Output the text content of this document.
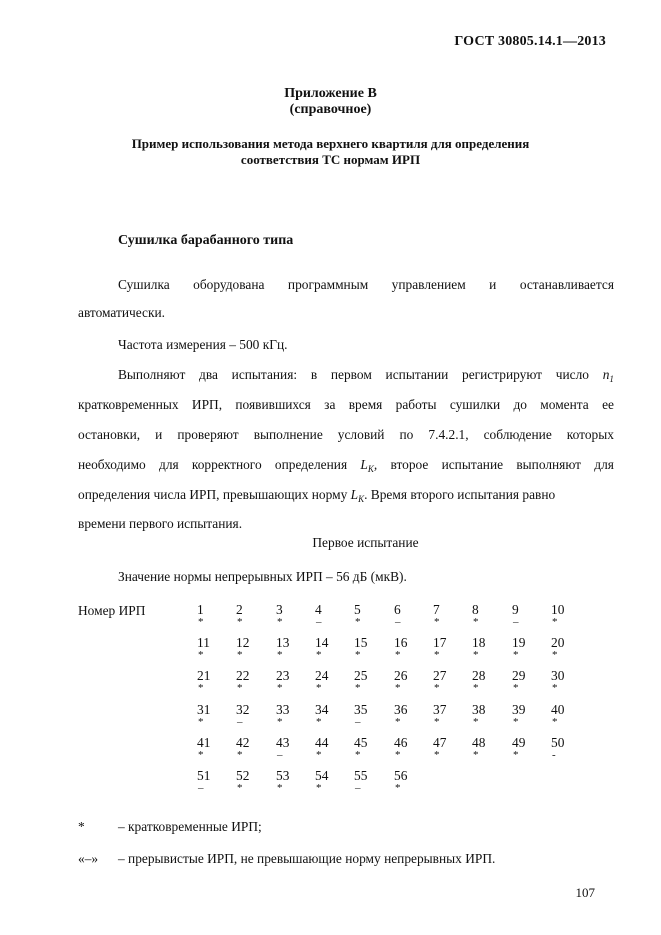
ГОСТ 30805.14.1—2013
Приложение В
(справочное)
Пример использования метода верхнего квартиля для определения
соответствия ТС нормам ИРП
Сушилка барабанного типа
Сушилка оборудована программным управлением и останавливается
автоматически.
Частота измерения – 500 кГц.
Выполняют два испытания: в первом испытании регистрируют число $n_1$
кратковременных ИРП, появившихся за время работы сушилки до момента ее
остановки, и проверяют выполнение условий по 7.4.2.1, соблюдение которых
необходимо для корректного определения $L_K$, второе испытание выполняют для
определения числа ИРП, превышающих норму $L_K$. Время второго испытания равно
времени первого испытания.
Первое испытание
Значение нормы непрерывных ИРП – 56 дБ (мкВ).
Номер ИРП	1
*
2
*
3
*
4
–
5
*
6
–
7
*
8
*
9
–
10
*
11
*
12
*
13
*
14
*
15
*
16
*
17
*
18
*
19
*
20
*
21
*
22
*
23
*
24
*
25
*
26
*
27
*
28
*
29
*
30
*
31
*
32
–
33
*
34
*
35
–
36
*
37
*
38
*
39
*
40
*
41
*
42
*
43
–
44
*
45
*
46
*
47
*
48
*
49
*
50
-
51
–
52
*
53
*
54
*
55
–
56
*
* – кратковременные ИРП;
«–» – прерывистые ИРП, не превышающие норму непрерывных ИРП.
107
